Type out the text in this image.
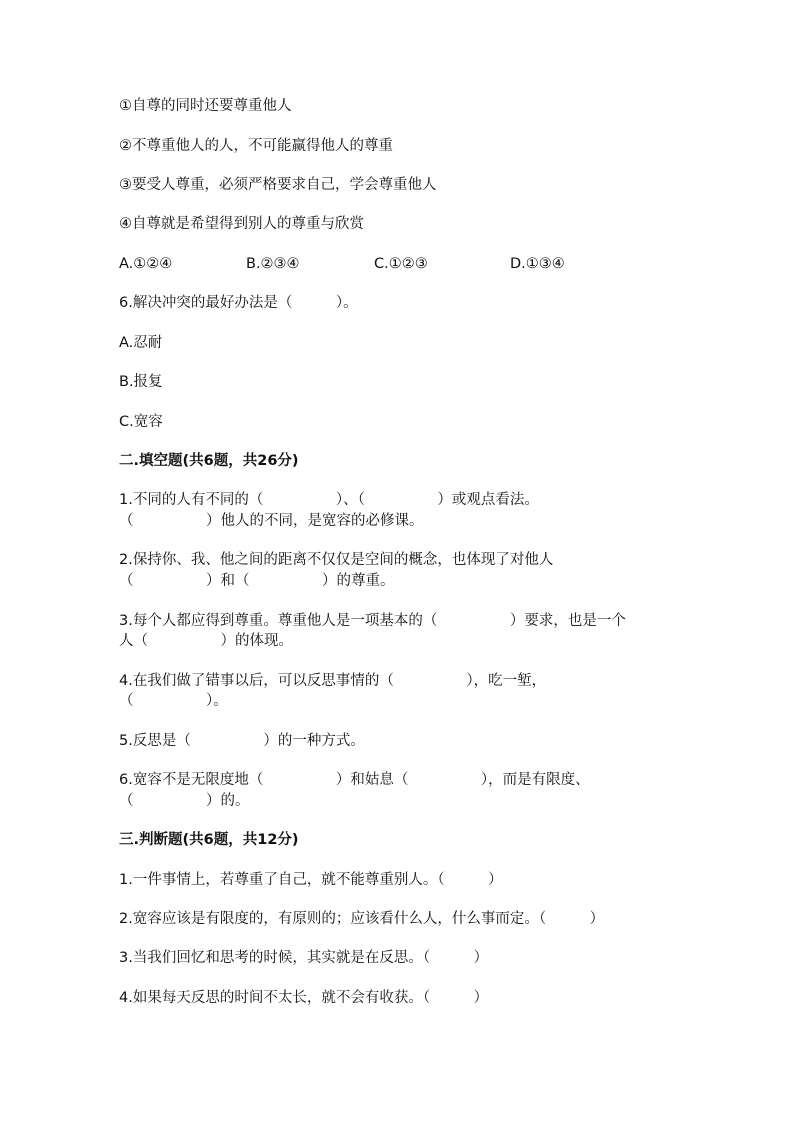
①自尊的同时还要尊重他人
②不尊重他人的人，不可能赢得他人的尊重
③要受人尊重，必须严格要求自己，学会尊重他人
④自尊就是希望得到别人的尊重与欣赏
A.①②④	B.②③④	C.①②③	D.①③④
6.解决冲突的最好办法是（　　　）。
A.忍耐
B.报复
C.宽容
二.填空题(共6题，共26分)
1.不同的人有不同的（　　　　　）、（　　　　　）或观点看法。
（　　　　　）他人的不同，是宽容的必修课。
2.保持你、我、他之间的距离不仅仅是空间的概念，也体现了对他人
（　　　　　）和（　　　　　）的尊重。
3.每个人都应得到尊重。尊重他人是一项基本的（　　　　　）要求，也是一个
人（　　　　　）的体现。
4.在我们做了错事以后，可以反思事情的（　　　　　），吃一堑，
（　　　　　）。
5.反思是（　　　　　）的一种方式。
6.宽容不是无限度地（　　　　　）和姑息（　　　　　），而是有限度、
（　　　　　）的。
三.判断题(共6题，共12分)
1.一件事情上，若尊重了自己，就不能尊重别人。（　　　）
2.宽容应该是有限度的，有原则的；应该看什么人，什么事而定。（　　　）
3.当我们回忆和思考的时候，其实就是在反思。（　　　）
4.如果每天反思的时间不太长，就不会有收获。（　　　）
